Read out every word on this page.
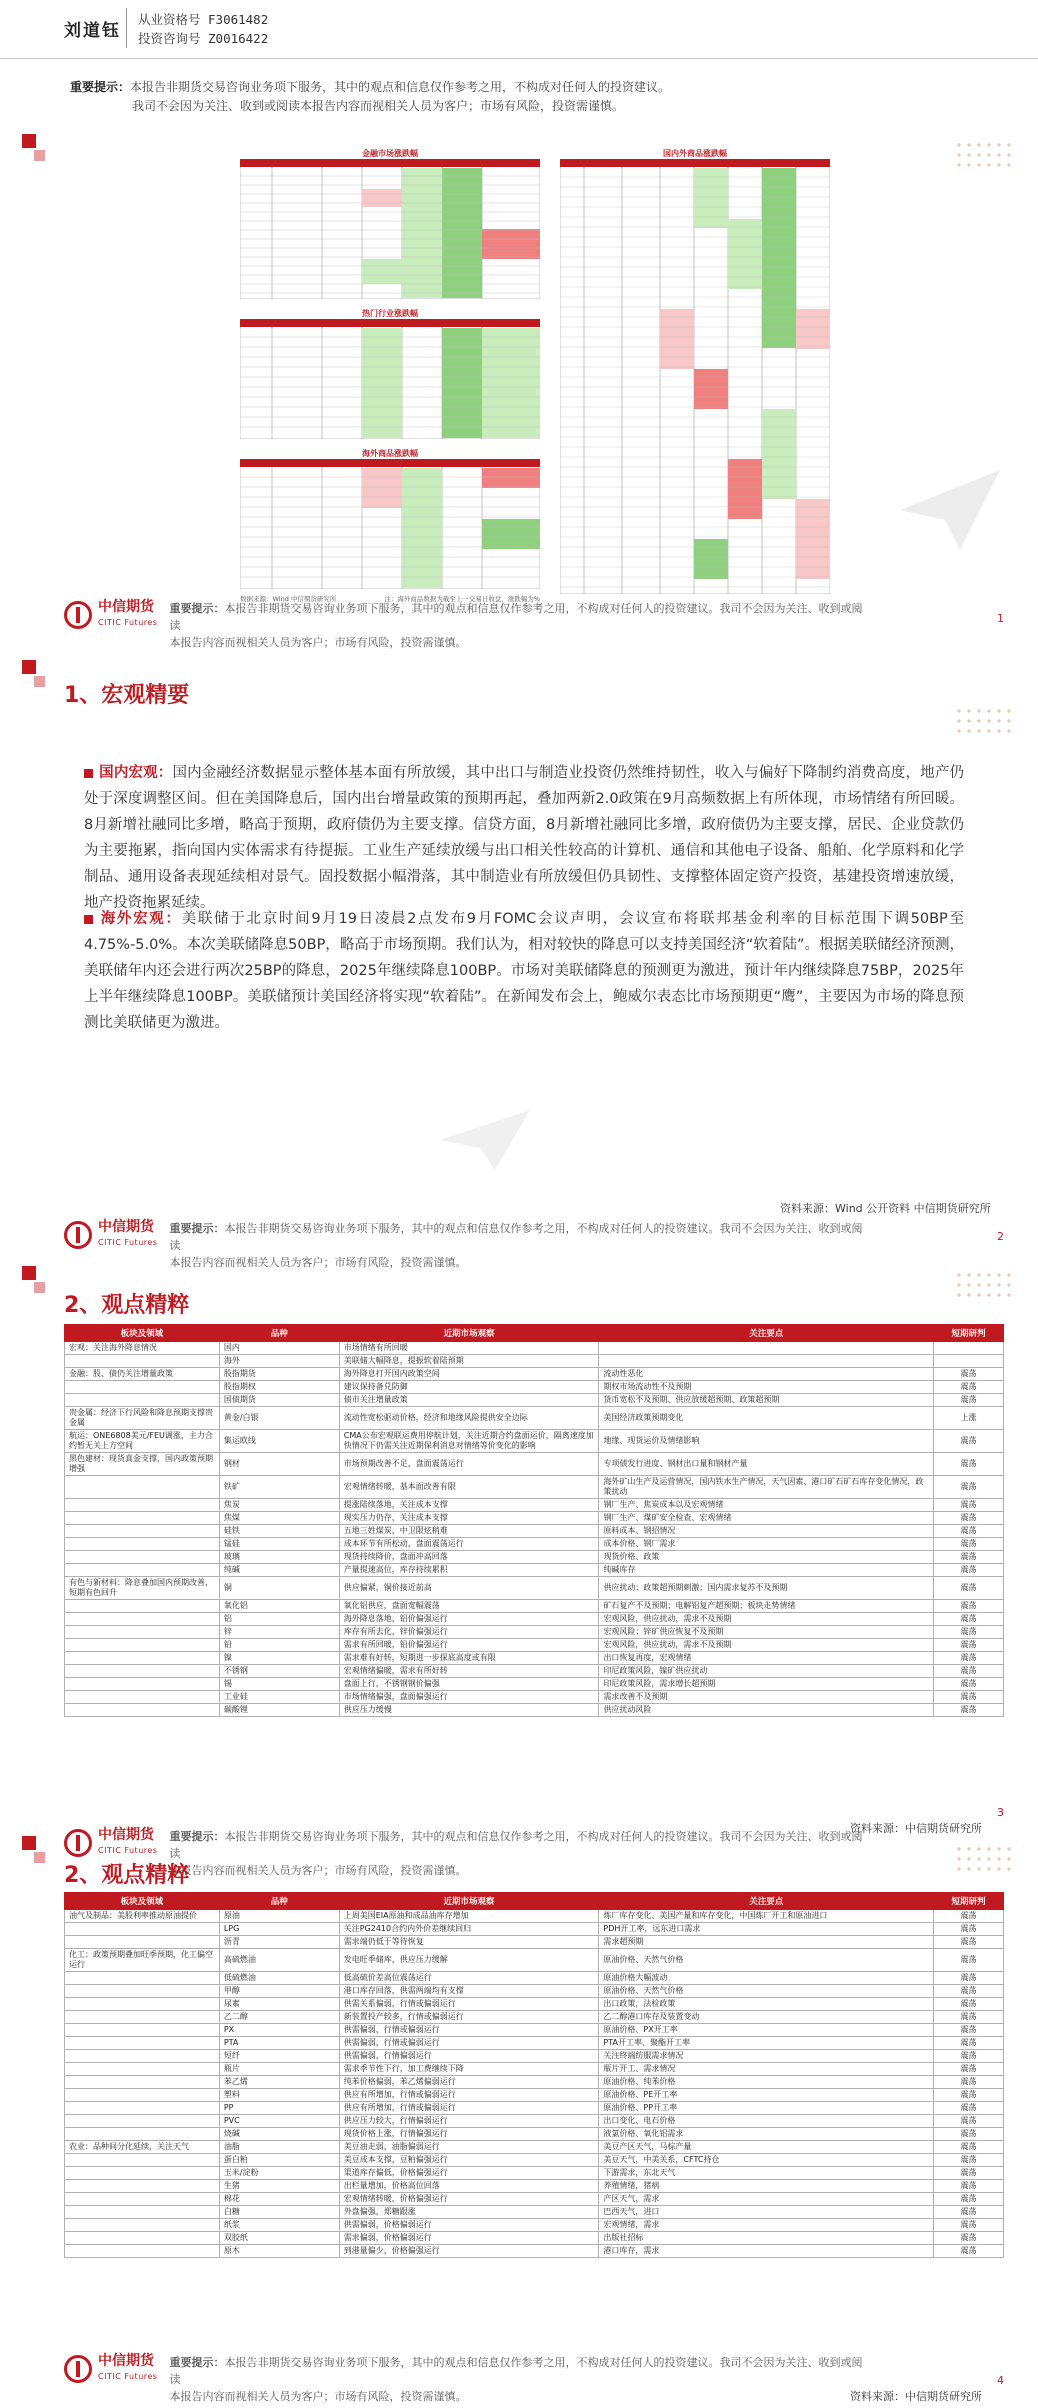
刘道钰
从业资格号 F3061482
投资咨询号 Z0016422
重要提示：本报告非期货交易咨询业务项下服务，其中的观点和信息仅作参考之用，不构成对任何人的投资建议。
我司不会因为关注、收到或阅读本报告内容而视相关人员为客户；市场有风险，投资需谨慎。
金融市场涨跌幅
热门行业涨跌幅
海外商品涨跌幅
数据来源：Wind 中信期货研究所	注：海外商品数据为截至上一交易日收盘，涨跌幅为%
国内外商品涨跌幅
中信期货
CITIC Futures
重要提示：本报告非期货交易咨询业务项下服务，其中的观点和信息仅作参考之用，不构成对任何人的投资建议。我司不会因为关注、收到或阅读
本报告内容而视相关人员为客户；市场有风险，投资需谨慎。
1
1、宏观精要
国内宏观：国内金融经济数据显示整体基本面有所放缓，其中出口与制造业投资仍然维持韧性，收入与偏好下降制约消费高度，地产仍处于深度调整区间。但在美国降息后，国内出台增量政策的预期再起，叠加两新2.0政策在9月高频数据上有所体现，市场情绪有所回暖。8月新增社融同比多增，略高于预期，政府债仍为主要支撑。信贷方面，8月新增社融同比多增，政府债仍为主要支撑，居民、企业贷款仍为主要拖累，指向国内实体需求有待提振。工业生产延续放缓与出口相关性较高的计算机、通信和其他电子设备、船舶、化学原料和化学制品、通用设备表现延续相对景气。固投数据小幅滑落，其中制造业有所放缓但仍具韧性、支撑整体固定资产投资，基建投资增速放缓，地产投资拖累延续。
海外宏观：美联储于北京时间9月19日凌晨2点发布9月FOMC会议声明，会议宣布将联邦基金利率的目标范围下调50BP至4.75%-5.0%。本次美联储降息50BP，略高于市场预期。我们认为，相对较快的降息可以支持美国经济“软着陆”。根据美联储经济预测，美联储年内还会进行两次25BP的降息，2025年继续降息100BP。市场对美联储降息的预测更为激进，预计年内继续降息75BP，2025年上半年继续降息100BP。美联储预计美国经济将实现“软着陆”。在新闻发布会上，鲍威尔表态比市场预期更“鹰”，主要因为市场的降息预测比美联储更为激进。
资料来源：Wind 公开资料 中信期货研究所
中信期货
CITIC Futures
重要提示：本报告非期货交易咨询业务项下服务，其中的观点和信息仅作参考之用，不构成对任何人的投资建议。我司不会因为关注、收到或阅读
本报告内容而视相关人员为客户；市场有风险，投资需谨慎。
2
2、观点精粹
板块及领域	品种	近期市场观察	关注要点	短期研判
宏观：关注海外降息情况	国内	市场情绪有所回暖		
	海外	美联储大幅降息，提振软着陆预期		
金融：股、债仍关注增量政策	股指期货	海外降息打开国内政策空间	流动性恶化	震荡
	股指期权	建议保持备兑防御	期权市场流动性不及预期	震荡
	国债期货	债市关注增量政策	货币宽松不及预期、供应放缓超预期、政策超预期	震荡
贵金属：经济下行风险和降息预期支撑贵金属	黄金/白银	流动性宽松驱动价格，经济和地缘风险提供安全边际	美国经济政策预期变化	上涨
航运：ONE6808美元/FEU调涨，主力合约暂无关上方空间	集运欧线	CMA公布宏观联运费用停航计划，关注近期合约盘面运价，隔离速度加快情况下仍需关注近期保利消息对情绪等价变化的影响	地缘、现货运价及情绪影响	震荡
黑色建材：现货真金支撑，国内政策预期增强	钢材	市场预期改善不足，盘面震荡运行	专项债发行进度、钢材出口量和钢材产量	震荡
	铁矿	宏观情绪转暖，基本面改善有限	海外矿山生产及运营情况，国内铁水生产情况，天气因素、港口矿石矿石库存变化情况，政策扰动	震荡
	焦炭	提涨陆续落地，关注成本支撑	钢厂生产、焦炭成本以及宏观情绪	震荡
	焦煤	现实压力仍存，关注成本支撑	钢厂生产、煤矿安全检查、宏观情绪	震荡
	硅铁	五地三姓煤炭，中卫限炫稍难	原料成本、钢招情况	震荡
	锰硅	成本环节有所松动，盘面震荡运行	成本价格、钢厂需求	震荡
	玻璃	现货持续降价，盘面冲高回落	现货价格、政策	震荡
	纯碱	产量提速高位，库存持续累积	纯碱库存	震荡
有色与新材料：降息叠加国内预期改善，短期有色回升	铜	供应偏紧，铜价接近前高	供应扰动；政策超预期刺激；国内需求复苏不及预期	震荡
	氧化铝	氧化铝供应，盘面宽幅震荡	矿石复产不及预期；电解铝复产超预期；板块走势情绪	震荡
	铝	海外降息落地，铝价偏强运行	宏观风险，供应扰动，需求不及预期	震荡
	锌	库存有所去化，锌价偏强运行	宏观风险；锌矿供应恢复不及预期	震荡
	铅	需求有所回暖，铅价偏强运行	宏观风险，供应扰动，需求不及预期	震荡
	镍	需求难有好转，短期进一步探底高度或有限	出口恢复再度，宏观情绪	震荡
	不锈钢	宏观情绪偏暖，需求有所好转	印尼政策风险，镍矿供应扰动	震荡
	锡	盘面上行，不锈钢钢价偏强	印尼政策风险，需求增长超预期	震荡
	工业硅	市场情绪偏强，盘面偏强运行	需求改善不及预期	震荡
	碳酸锂	供应压力缓慢	供应扰动风险	震荡
资料来源：中信期货研究所
中信期货
CITIC Futures
重要提示：本报告非期货交易咨询业务项下服务，其中的观点和信息仅作参考之用，不构成对任何人的投资建议。我司不会因为关注、收到或阅读
本报告内容而视相关人员为客户；市场有风险，投资需谨慎。
3
2、观点精粹
板块及领域	品种	近期市场观察	关注要点	短期研判
油气及制品：美股利率推动原油提价	原油	上周美国EIA原油和成品油库存增加	炼厂库存变化、美国产量和库存变化，中国炼厂开工和原油进口	震荡
	LPG	关注PG2410合约内外价差继续回归	PDH开工率，远东进口需求	震荡
	沥青	需求端仍低于等待恢复	需求超预期	震荡
化工：政策预期叠加旺季预期，化工偏空运行	高硫燃油	发电旺季储库，供应压力缓解	原油价格、天然气价格	震荡
	低硫燃油	低高硫价差高位震荡运行	原油价格大幅波动	震荡
	甲醇	港口库存回落，供需两端均有支撑	原油价格、天然气价格	震荡
	尿素	供需关系偏弱，行情或偏弱运行	出口政策，法检政策	震荡
	乙二醇	新装置投产较多，行情或偏弱运行	乙二醇港口库存及装置变动	震荡
	PX	供需偏弱，行情或偏弱运行	原油价格、PX开工率	震荡
	PTA	供需偏弱，行情或偏弱运行	PTA开工率、聚酯开工率	震荡
	短纤	供需偏弱，行情偏弱运行	关注终端纺服需求情况	震荡
	瓶片	需求季节性下行，加工费继续下降	瓶片开工、需求情况	震荡
	苯乙烯	纯苯价格偏弱，苯乙烯偏弱运行	原油价格、纯苯价格	震荡
	塑料	供应有所增加，行情或偏弱运行	原油价格、PE开工率	震荡
	PP	供应有所增加，行情或偏弱运行	原油价格、PP开工率	震荡
	PVC	供应压力较大，行情偏弱运行	出口变化、电石价格	震荡
	烧碱	现货价格上涨，行情偏强运行	液氯价格、氧化铝需求	震荡
农业：品种间分化延续，关注天气	油脂	美豆油走弱，油脂偏弱运行	美豆产区天气，马棕产量	震荡
	蛋白粕	美豆成本支撑，豆粕偏强运行	美豆天气，中美关系，CFTC持仓	震荡
	玉米/淀粉	渠道库存偏低，价格偏强运行	下游需求，东北天气	震荡
	生猪	出栏量增加，价格高位回落	养殖情绪，猪病	震荡
	棉花	宏观情绪转暖，价格偏强运行	产区天气，需求	震荡
	白糖	外盘偏强，郑糖跟涨	巴西天气，进口	震荡
	纸浆	供需偏弱，价格偏弱运行	宏观情绪，需求	震荡
	双胶纸	需求偏弱，价格偏弱运行	出版社招标	震荡
	原木	到港量偏少，价格偏强运行	港口库存，需求	震荡
资料来源：中信期货研究所
中信期货
CITIC Futures
重要提示：本报告非期货交易咨询业务项下服务，其中的观点和信息仅作参考之用，不构成对任何人的投资建议。我司不会因为关注、收到或阅读
本报告内容而视相关人员为客户；市场有风险，投资需谨慎。
4
